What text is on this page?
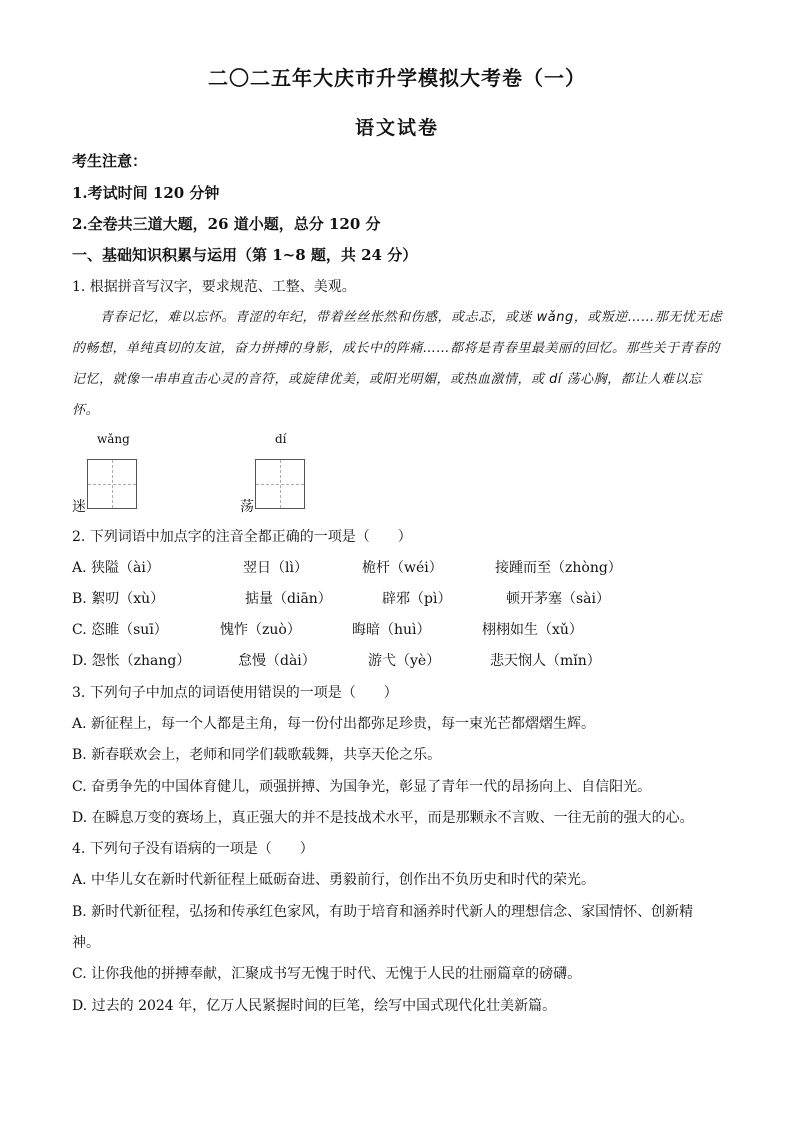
二〇二五年大庆市升学模拟大考卷（一）
语文试卷
考生注意：
1.考试时间 120 分钟
2.全卷共三道大题，26 道小题，总分 120 分
一、基础知识积累与运用（第 1~8 题，共 24 分）
1. 根据拼音写汉字，要求规范、工整、美观。
青春记忆，难以忘怀。青涩的年纪，带着丝丝怅然和伤感，或忐忑，或迷 wǎng，或叛逆……那无忧无虑的畅想，单纯真切的友谊，奋力拼搏的身影，成长中的阵痛……都将是青春里最美丽的回忆。那些关于青春的记忆，就像一串串直击心灵的音符，或旋律优美，或阳光明媚，或热血激情，或 dí 荡心胸，都让人难以忘怀。
wǎng
迷
dí
荡
2. 下列词语中加点字的注音全都正确的一项是（　　）
A. 狭隘（ài）	翌日（lì）	桅杆（wéi）	接踵而至（zhòng）
B. 絮叨（xù）	掂量（diān）	辟邪（pì）	顿开茅塞（sài）
C. 恣睢（suī）	愧怍（zuò）	晦暗（huì）	栩栩如生（xǔ）
D. 怨怅（zhang）	怠慢（dài）	游弋（yè）	悲天悯人（mǐn）
3. 下列句子中加点的词语使用错误的一项是（　　）
A. 新征程上，每一个人都是主角，每一份付出都弥足珍贵，每一束光芒都熠熠生辉。
B. 新春联欢会上，老师和同学们载歌载舞，共享天伦之乐。
C. 奋勇争先的中国体育健儿，顽强拼搏、为国争光，彰显了青年一代的昂扬向上、自信阳光。
D. 在瞬息万变的赛场上，真正强大的并不是技战术水平，而是那颗永不言败、一往无前的强大的心。
4. 下列句子没有语病的一项是（　　）
A. 中华儿女在新时代新征程上砥砺奋进、勇毅前行，创作出不负历史和时代的荣光。
B. 新时代新征程，弘扬和传承红色家风，有助于培育和涵养时代新人的理想信念、家国情怀、创新精
神。
C. 让你我他的拼搏奉献，汇聚成书写无愧于时代、无愧于人民的壮丽篇章的磅礴。
D. 过去的 2024 年，亿万人民紧握时间的巨笔，绘写中国式现代化壮美新篇。
